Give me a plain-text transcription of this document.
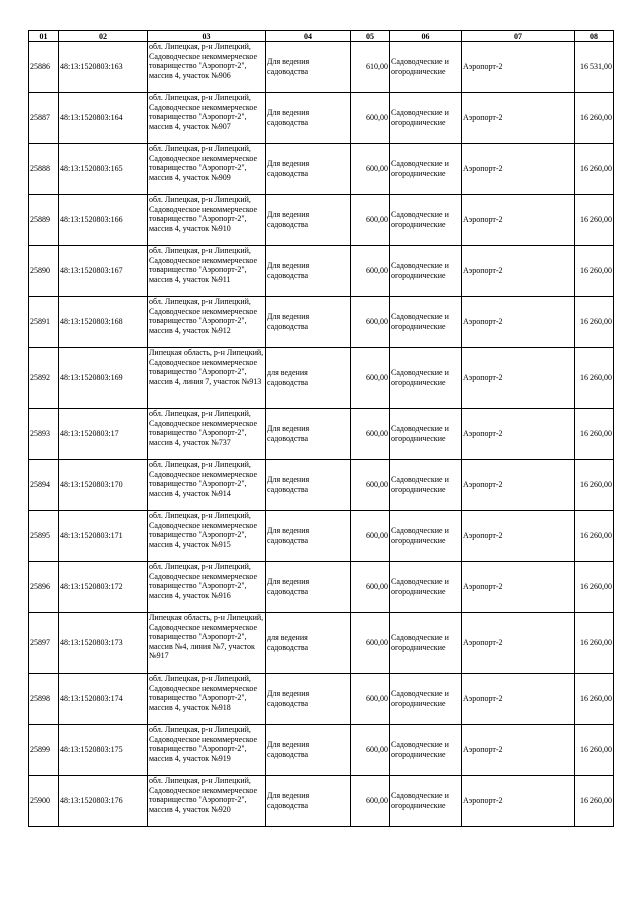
01	02	03	04	05	06	07	08

25886	48:13:1520803:163	обл. Липецкая, р-н Липецкий, Садоводческое некоммерческое товарищество "Аэропорт-2", массив 4, участок №906	Для ведения садоводства	610,00	Садоводческие и огороднические	Аэропорт-2	16 531,00

25887	48:13:1520803:164	обл. Липецкая, р-н Липецкий, Садоводческое некоммерческое товарищество "Аэропорт-2", массив 4, участок №907	Для ведения садоводства	600,00	Садоводческие и огороднические	Аэропорт-2	16 260,00

25888	48:13:1520803:165	обл. Липецкая, р-н Липецкий, Садоводческое некоммерческое товарищество "Аэропорт-2", массив 4, участок №909	Для ведения садоводства	600,00	Садоводческие и огороднические	Аэропорт-2	16 260,00

25889	48:13:1520803:166	обл. Липецкая, р-н Липецкий, Садоводческое некоммерческое товарищество "Аэропорт-2", массив 4, участок №910	Для ведения садоводства	600,00	Садоводческие и огороднические	Аэропорт-2	16 260,00

25890	48:13:1520803:167	обл. Липецкая, р-н Липецкий, Садоводческое некоммерческое товарищество "Аэропорт-2", массив 4, участок №911	Для ведения садоводства	600,00	Садоводческие и огороднические	Аэропорт-2	16 260,00

25891	48:13:1520803:168	обл. Липецкая, р-н Липецкий, Садоводческое некоммерческое товарищество "Аэропорт-2", массив 4, участок №912	Для ведения садоводства	600,00	Садоводческие и огороднические	Аэропорт-2	16 260,00

25892	48:13:1520803:169	Липецкая область, р-н Липецкий, Садоводческое некоммерческое товарищество "Аэропорт-2", массив 4, линия 7, участок №913	для ведения садоводства	600,00	Садоводческие и огороднические	Аэропорт-2	16 260,00

25893	48:13:1520803:17	обл. Липецкая, р-н Липецкий, Садоводческое некоммерческое товарищество "Аэропорт-2", массив 4, участок №737	Для ведения садоводства	600,00	Садоводческие и огороднические	Аэропорт-2	16 260,00

25894	48:13:1520803:170	обл. Липецкая, р-н Липецкий, Садоводческое некоммерческое товарищество "Аэропорт-2", массив 4, участок №914	Для ведения садоводства	600,00	Садоводческие и огороднические	Аэропорт-2	16 260,00

25895	48:13:1520803:171	обл. Липецкая, р-н Липецкий, Садоводческое некоммерческое товарищество "Аэропорт-2", массив 4, участок №915	Для ведения садоводства	600,00	Садоводческие и огороднические	Аэропорт-2	16 260,00

25896	48:13:1520803:172	обл. Липецкая, р-н Липецкий, Садоводческое некоммерческое товарищество "Аэропорт-2", массив 4, участок №916	Для ведения садоводства	600,00	Садоводческие и огороднические	Аэропорт-2	16 260,00

25897	48:13:1520803:173	Липецкая область, р-н Липецкий, Садоводческое некоммерческое товарищество "Аэропорт-2", массив №4, линия №7, участок №917	для ведения садоводства	600,00	Садоводческие и огороднические	Аэропорт-2	16 260,00

25898	48:13:1520803:174	обл. Липецкая, р-н Липецкий, Садоводческое некоммерческое товарищество "Аэропорт-2", массив 4, участок №918	Для ведения садоводства	600,00	Садоводческие и огороднические	Аэропорт-2	16 260,00

25899	48:13:1520803:175	обл. Липецкая, р-н Липецкий, Садоводческое некоммерческое товарищество "Аэропорт-2", массив 4, участок №919	Для ведения садоводства	600,00	Садоводческие и огороднические	Аэропорт-2	16 260,00

25900	48:13:1520803:176	обл. Липецкая, р-н Липецкий, Садоводческое некоммерческое товарищество "Аэропорт-2", массив 4, участок №920	Для ведения садоводства	600,00	Садоводческие и огороднические	Аэропорт-2	16 260,00
